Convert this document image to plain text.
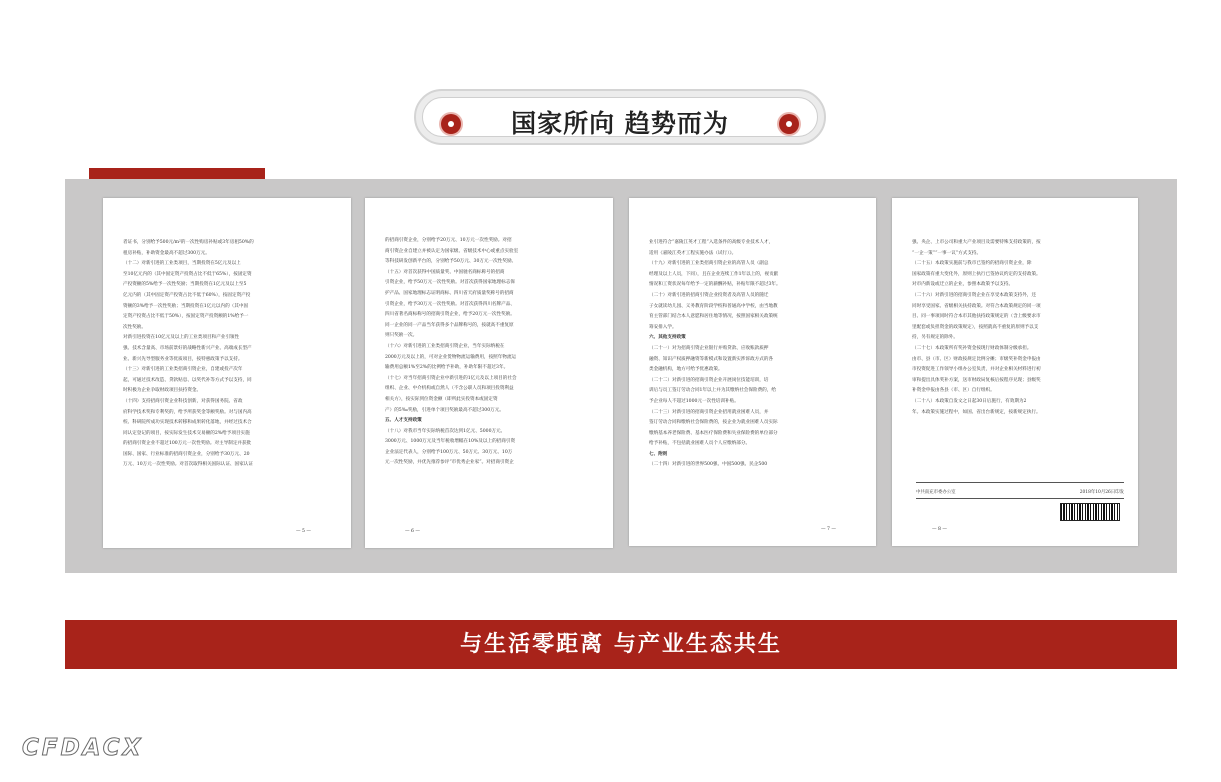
国家所向 趋势而为
者证书，分别给予500元/m²的一次性购房补贴或3年房租50%的
租房补贴，补助资金最高不超过300万元。
（十二）对新引进的工业类项目，当期投资在5亿元及以上
至10亿元内的（其中固定资产投资占比不低于65%），按固定资
产投资额的5%给予一次性奖励；当期投资在1亿元及以上至5
亿元内的（其中固定资产投资占比不低于60%），按固定资产投
资额的3%给予一次性奖励；当期投资在1亿元以内的（其中固
定资产投资占比不低于50%），按固定资产投资额的1%给予一
次性奖励。
对新引进投资在10亿元及以上的工业类项目和产业引领性
强、技术含量高、市场前景好的战略性新兴产业、高端成长型产
业、新兴先导型服务业等优质项目，按特惠政策予以支持。
（十三）对新引进的工业类招商引资企业，自建或投产次年
起，可通过技术改造、贷款贴息、以奖代补等方式予以支持，同
时积极为企业争取财政项目扶持资金。
（十四）支持招商引资企业科技创新，对获得国务院、省政
府科学技术奖和专利奖的，给予所获奖金等额奖励。对与国内高
校、科研院所成功实现技术转移和成果转化落地，并经过技术合
同认定登记的项目，按实际发生技术交易额的2%给予项目实施
的招商引资企业不超过100万元一次性奖励。对主导制定并获批
国际、国家、行业标准的招商引资企业，分别给予30万元、20
万元、10万元一次性奖励。对首次取得相关国际认证、国家认证
— 5 —
的招商引资企业，分别给予20万元、10万元一次性奖励。对招
商引资企业自建立并被认定为国家级、省级技术中心或重点实验室
等科技研发创新平台的，分别给予50万元、30万元一次性奖励。
（十五）对首次获得中国质量奖、中国驰名商标称号的招商
引资企业，给予50万元一次性奖励。对首次获得国家地理标志保
护产品、国家地理标志证明商标、四川省天府质量奖称号的招商
引资企业，给予30万元一次性奖励。对首次获得四川名牌产品、
四川省著名商标称号的招商引资企业，给予20万元一次性奖励。
同一企业的同一产品当年获得多个品牌称号的，按就高不重复原
则只奖励一次。
（十六）对新引进的工业类招商引资企业，当年实际纳税在
2000万元及以上的，可对企业货物物流运输费用，按照年物流运
输费用总额1%至2%的比例给予补助，补助年限不超过3年。
（十七）对当年招商引资企业中新引进的1亿元及以上项目的社会
组织、企业、中介机构或自然人（不含公职人员和项目投资利益
相关方），按实际到位资金额（即所此实投资本或固定资
产）的5‰奖励，引进单个项目奖励最高不超过300万元。
五、人才支持政策
（十八）对我市当年实际纳税首次达到1亿元、5000万元、
3000万元、1000万元及当年税收增幅在10%及以上的招商引资
企业法定代表人，分别给予100万元、50万元、30万元、10万
元一次性奖励，并优先推荐参评“市优秀企业家”。对招商引资企
— 6 —
业引进符合“嘉陵江英才工程”入选条件的高级专业技术人才，
适用《嘉陵江英才工程实施办法（试行）》。
（十九）对新引进的工业类招商引资企业的高管人员（副总
经理及以上人员，下同），且在企业连续工作1年以上的，视贡献
情况和工资状况每年给予一定的薪酬补贴，补贴年限不超过3年。
（二十）对新引进的招商引资企业投资者及高管人员的随迁
子女就读幼儿园、义务教育阶段学校和普通高中学校，由当地教
育主管部门结合本人意愿和居住地等情况，按照国家相关政策统
筹安排入学。
六、其他支持政策
（二十一）对为招商引资企业银行并购贷款、应收账款质押
融资、知识产权质押融资等新模式和设置新实涉诉政方式的各
类金融机构，地方可给予优惠政策。
（二十二）对新引进的招商引资企业开展岗位技能培训，培
训后与员工签订劳动合同1年以上并为其缴纳社会保险费的，给
予企业每人不超过1000元一次性培训补贴。
（二十三）对新引进的招商引资企业招用就业困难人员，并
签订劳动合同和缴纳社会保险费的，按企业为就业困难人员实际
缴纳基本养老保险费、基本医疗保险费和失业保险费的单位部分
给予补贴，不包括就业困难人员个人应缴纳部分。
七、附则
（二十四）对新引进的世界500强、中国500强、民企500
— 7 —
强、央企、上市公司和重大产业项目及需要特殊支持政策的，按
“一企一策”“一事一议”方式支持。
（二十五）本政策实施前与我市已签约的招商引资企业，除
国家政策有重大变化外，原则上执行已签协议约定的支持政策。
对市内新设或迁立的企业，参照本政策予以支持。
（二十六）对新引进的招商引资企业在享受本政策支持外，还
同时享受国家、省级相关扶持政策。对符合本政策规定的同一项
目、同一事项同时符合本市其他扶持政策规定的（含上级要求市
里配套或负担资金的政策规定），按照就高不重复的原则予以支
持，另有规定的除外。
（二十七）本政策所有奖补资金按现行财政体制分级承担。
由市、县（市、区）财政按规定比例分摊；市级奖补资金申报由
市投资促进工作领导小组办公室负责，并对企业相关材料进行初
审和提出具体奖补方案，送市财政局复核后按程序兑现；县级奖
补资金申报由各县（市、区）自行组织。
（二十八）本政策自发文之日起30日后施行，有效期为2
年。本政策实施过程中，如国、省出台新规定，按新规定执行。
中共南充市委办公室	2018年10月26日印发
— 8 —
与生活零距离 与产业生态共生
CFDACX
